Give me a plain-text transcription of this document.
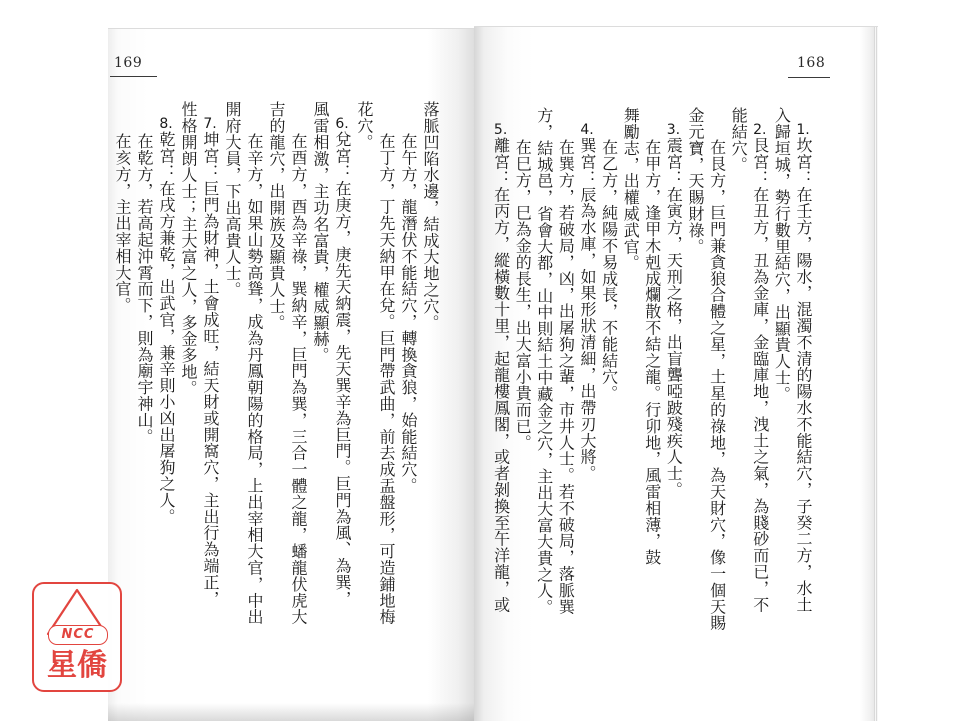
169
落脈凹陷水邊，結成大地之穴。
在午方，龍潛伏不能結穴，轉換貪狼，始能結穴。
在丁方，丁先天納甲在兌。巨門帶武曲，前去成盂盤形，可造鋪地梅
花穴。
6.兌宮：在庚方，庚先天納震，先天巽辛為巨門。巨門為風、為巽，
風雷相激，主功名富貴，權威顯赫。
在酉方，酉為辛祿，巽納辛，巨門為巽，三合一體之龍，蟠龍伏虎大
吉的龍穴，出開族及顯貴人士。
在辛方，如果山勢高聳，成為丹鳳朝陽的格局，上出宰相大官，中出
開府大員，下出高貴人士。
7.坤宮：巨門為財神，土會成旺，結天財或開窩穴，主出行為端正，
性格開朗人士；主大富之人，多金多地。
8.乾宮：在戌方兼乾，出武官，兼辛則小凶出屠狗之人。
在乾方，若高起沖霄而下，則為廟宇神山。
在亥方，主出宰相大官。
168
1.坎宮：在壬方，陽水，混濁不清的陽水不能結穴，子癸二方，水土
入歸垣城，勢行數里結穴，出顯貴人士。
2.艮宮：在丑方，丑為金庫，金臨庫地，洩土之氣，為賤砂而已，不
能結穴。
在艮方，巨門兼貪狼合體之星，土星的祿地，為天財穴，像一個天賜
金元寶，天賜財祿。
3.震宮：在寅方，天刑之格，出盲聾啞跛殘疾人士。
在甲方，逢甲木剋成爛散不結之龍。行卯地，風雷相薄，鼓
舞勵志，出權威武官。
在乙方，純陽不易成長，不能結穴。
4.巽宮：辰為水庫，如果形狀清細，出帶刃大將。
在巽方，若破局，凶，出屠狗之輩，市井人士。若不破局，落脈巽
方，結城邑，省會大都，山中則結土中藏金之穴，主出大富大貴之人。
在巳方，巳為金的長生，出大富小貴而已。
5.離宮：在丙方，縱橫數十里，起龍樓鳳閣，或者剝換至午洋龍，或
NCC
星僑
